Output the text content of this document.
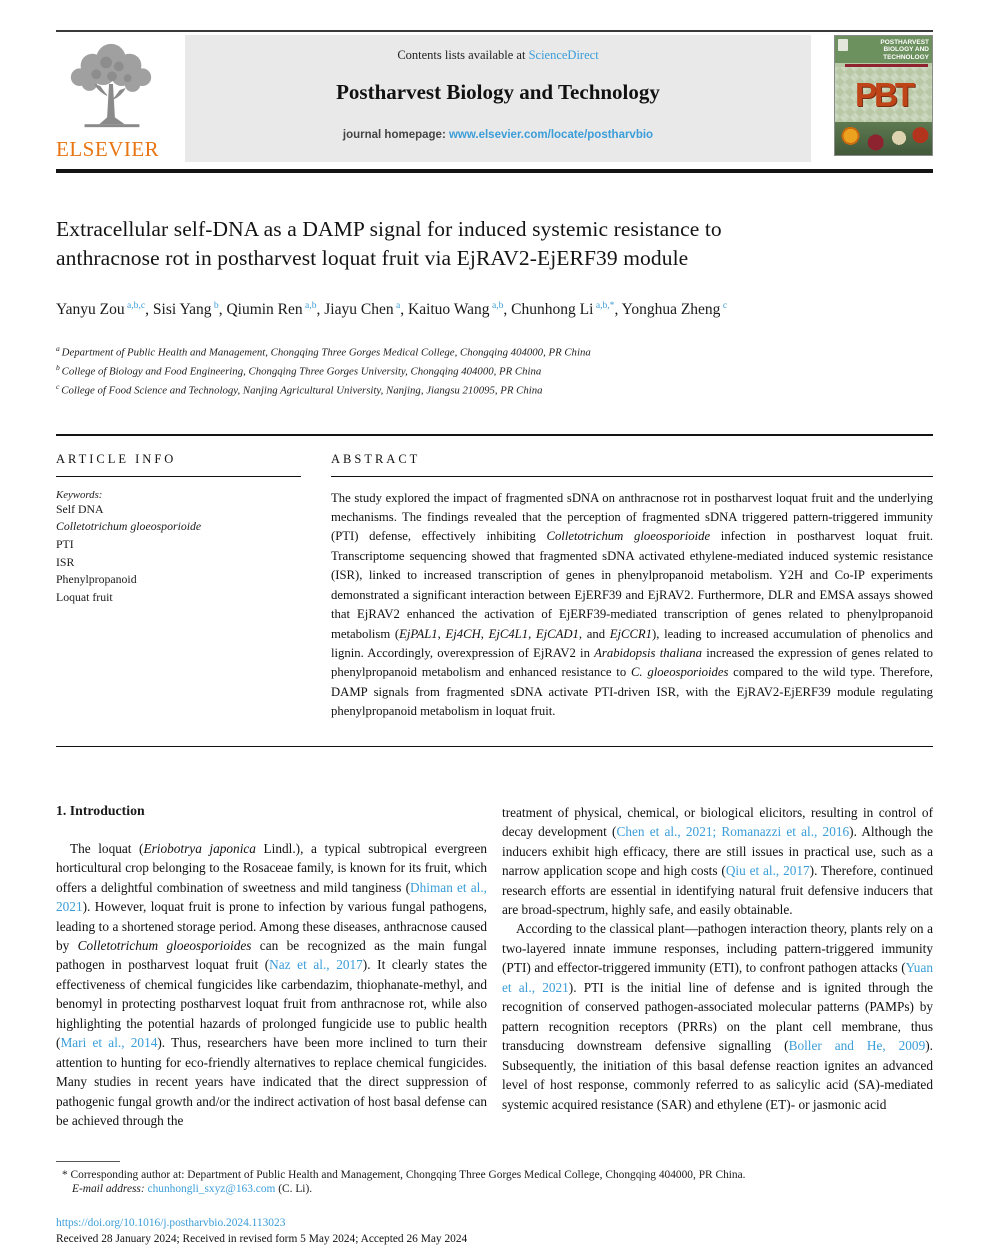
ELSEVIER
Contents lists available at ScienceDirect
Postharvest Biology and Technology
journal homepage: www.elsevier.com/locate/postharvbio
POSTHARVEST BIOLOGY AND TECHNOLOGY
PBT
Extracellular self-DNA as a DAMP signal for induced systemic resistance to
anthracnose rot in postharvest loquat fruit via EjRAV2-EjERF39 module
Yanyu Zou $^{a,b,c}$, Sisi Yang $^b$, Qiumin Ren $^{a,b}$, Jiayu Chen $^a$, Kaituo Wang $^{a,b}$, Chunhong Li $^{a,b,*}$, Yonghua Zheng $^c$
$^a$ Department of Public Health and Management, Chongqing Three Gorges Medical College, Chongqing 404000, PR China
$^b$ College of Biology and Food Engineering, Chongqing Three Gorges University, Chongqing 404000, PR China
$^c$ College of Food Science and Technology, Nanjing Agricultural University, Nanjing, Jiangsu 210095, PR China
ARTICLE INFO
Keywords:
Self DNA
Colletotrichum gloeosporioide
PTI
ISR
Phenylpropanoid
Loquat fruit
ABSTRACT
The study explored the impact of fragmented sDNA on anthracnose rot in postharvest loquat fruit and the underlying mechanisms. The findings revealed that the perception of fragmented sDNA triggered pattern-triggered immunity (PTI) defense, effectively inhibiting Colletotrichum gloeosporioide infection in postharvest loquat fruit. Transcriptome sequencing showed that fragmented sDNA activated ethylene-mediated induced systemic resistance (ISR), linked to increased transcription of genes in phenylpropanoid metabolism. Y2H and Co-IP experiments demonstrated a significant interaction between EjERF39 and EjRAV2. Furthermore, DLR and EMSA assays showed that EjRAV2 enhanced the activation of EjERF39-mediated transcription of genes related to phenylpropanoid metabolism (EjPAL1, Ej4CH, EjC4L1, EjCAD1, and EjCCR1), leading to increased accumulation of phenolics and lignin. Accordingly, overexpression of EjRAV2 in Arabidopsis thaliana increased the expression of genes related to phenylpropanoid metabolism and enhanced resistance to C. gloeosporioides compared to the wild type. Therefore, DAMP signals from fragmented sDNA activate PTI-driven ISR, with the EjRAV2-EjERF39 module regulating phenylpropanoid metabolism in loquat fruit.
1. Introduction

The loquat (Eriobotrya japonica Lindl.), a typical subtropical evergreen horticultural crop belonging to the Rosaceae family, is known for its fruit, which offers a delightful combination of sweetness and mild tanginess (Dhiman et al., 2021). However, loquat fruit is prone to infection by various fungal pathogens, leading to a shortened storage period. Among these diseases, anthracnose caused by Colletotrichum gloeosporioides can be recognized as the main fungal pathogen in postharvest loquat fruit (Naz et al., 2017). It clearly states the effectiveness of chemical fungicides like carbendazim, thiophanate-methyl, and benomyl in protecting postharvest loquat fruit from anthracnose rot, while also highlighting the potential hazards of prolonged fungicide use to public health (Mari et al., 2014). Thus, researchers have been more inclined to turn their attention to hunting for eco-friendly alternatives to replace chemical fungicides. Many studies in recent years have indicated that the direct suppression of pathogenic fungal growth and/or the indirect activation of host basal defense can be achieved through the

treatment of physical, chemical, or biological elicitors, resulting in control of decay development (Chen et al., 2021; Romanazzi et al., 2016). Although the inducers exhibit high efficacy, there are still issues in practical use, such as a narrow application scope and high costs (Qiu et al., 2017). Therefore, continued research efforts are essential in identifying natural fruit defensive inducers that are broad-spectrum, highly safe, and easily obtainable.

According to the classical plant—pathogen interaction theory, plants rely on a two-layered innate immune responses, including pattern-triggered immunity (PTI) and effector-triggered immunity (ETI), to confront pathogen attacks (Yuan et al., 2021). PTI is the initial line of defense and is ignited through the recognition of conserved pathogen-associated molecular patterns (PAMPs) by pattern recognition receptors (PRRs) on the plant cell membrane, thus transducing downstream defensive signalling (Boller and He, 2009). Subsequently, the initiation of this basal defense reaction ignites an advanced level of host response, commonly referred to as salicylic acid (SA)-mediated systemic acquired resistance (SAR) and ethylene (ET)- or jasmonic acid

* Corresponding author at: Department of Public Health and Management, Chongqing Three Gorges Medical College, Chongqing 404000, PR China.
E-mail address: chunhongli_sxyz@163.com (C. Li).
https://doi.org/10.1016/j.postharvbio.2024.113023
Received 28 January 2024; Received in revised form 5 May 2024; Accepted 26 May 2024
